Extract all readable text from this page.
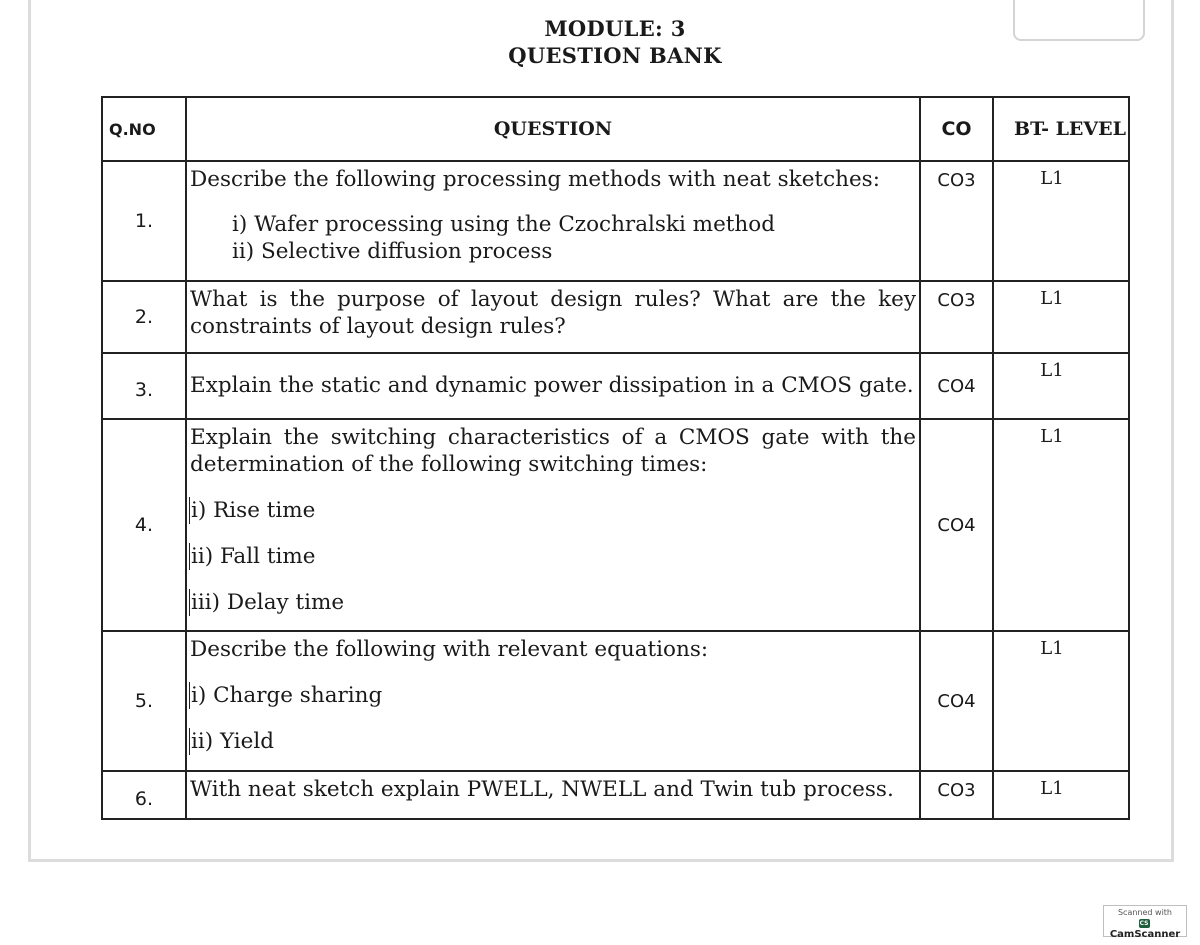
MODULE: 3
QUESTION BANK
Q.NO	QUESTION	CO	BT- LEVEL
1.	Describe the following processing methods with neat sketches:
i) Wafer processing using the Czochralski method
ii) Selective diffusion process	CO3	L1
2.	What is the purpose of layout design rules? What are the key constraints of layout design rules?	CO3	L1
3.	Explain the static and dynamic power dissipation in a CMOS gate.	CO4	L1
4.	Explain the switching characteristics of a CMOS gate with the determination of the following switching times:
i) Rise time
ii) Fall time
iii) Delay time	CO4	L1
5.	Describe the following with relevant equations:
i) Charge sharing
ii) Yield	CO4	L1
6.	With neat sketch explain PWELL, NWELL and Twin tub process.	CO3	L1
Scanned with
CSCamScanner
